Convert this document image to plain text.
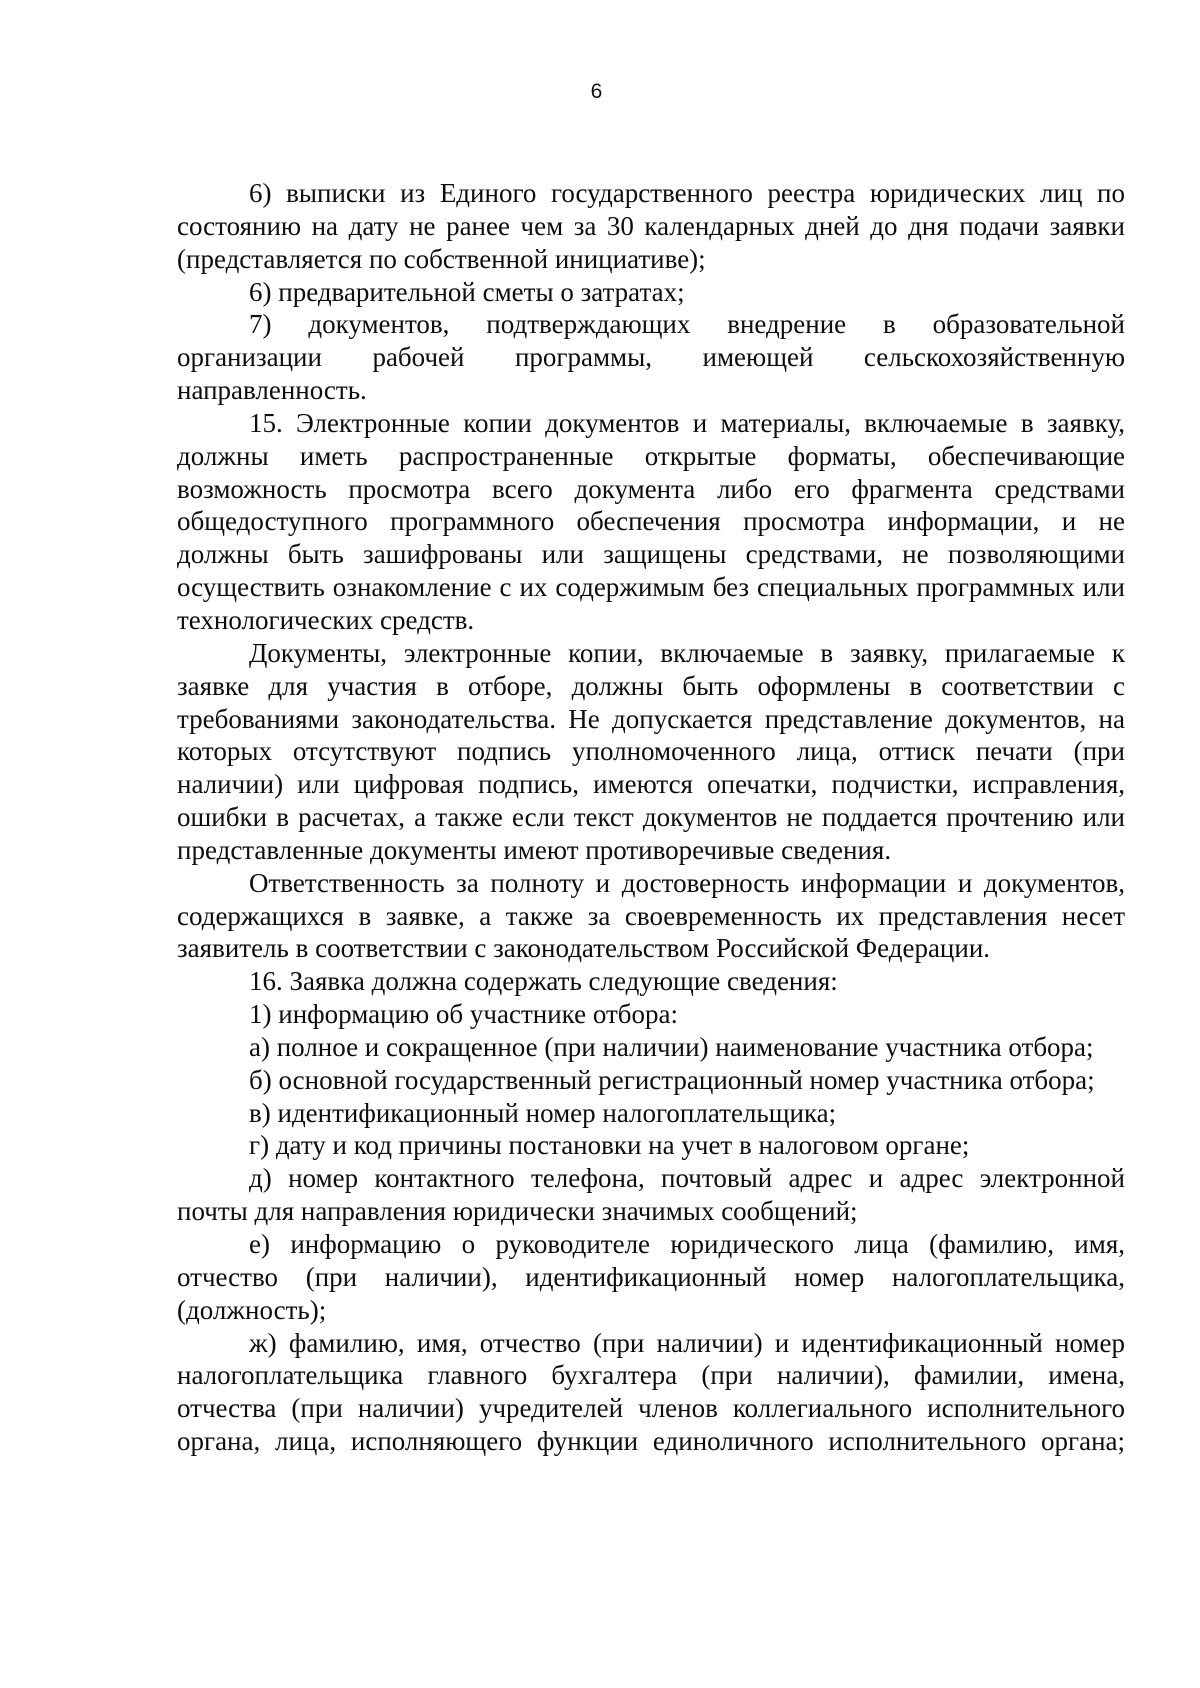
6

6) выписки из Единого государственного реестра юридических лиц по состоянию на дату не ранее чем за 30 календарных дней до дня подачи заявки (представляется по собственной инициативе);

6) предварительной сметы о затратах;

7) документов, подтверждающих внедрение в образовательной организации рабочей программы, имеющей сельскохозяйственную направленность.

15. Электронные копии документов и материалы, включаемые в заявку, должны иметь распространенные открытые форматы, обеспечивающие возможность просмотра всего документа либо его фрагмента средствами общедоступного программного обеспечения просмотра информации, и не должны быть зашифрованы или защищены средствами, не позволяющими осуществить ознакомление с их содержимым без специальных программных или технологических средств.

Документы, электронные копии, включаемые в заявку, прилагаемые к заявке для участия в отборе, должны быть оформлены в соответствии с требованиями законодательства. Не допускается представление документов, на которых отсутствуют подпись уполномоченного лица, оттиск печати (при наличии) или цифровая подпись, имеются опечатки, подчистки, исправления, ошибки в расчетах, а также если текст документов не поддается прочтению или представленные документы имеют противоречивые сведения.

Ответственность за полноту и достоверность информации и документов, содержащихся в заявке, а также за своевременность их представления несет заявитель в соответствии с законодательством Российской Федерации.

16. Заявка должна содержать следующие сведения:

1) информацию об участнике отбора:

а) полное и сокращенное (при наличии) наименование участника отбора;

б) основной государственный регистрационный номер участника отбора;

в) идентификационный номер налогоплательщика;

г) дату и код причины постановки на учет в налоговом органе;

д) номер контактного телефона, почтовый адрес и адрес электронной почты для направления юридически значимых сообщений;

е) информацию о руководителе юридического лица (фамилию, имя, отчество (при наличии), идентификационный номер налогоплательщика, (должность);

ж) фамилию, имя, отчество (при наличии) и идентификационный номер налогоплательщика главного бухгалтера (при наличии), фамилии, имена, отчества (при наличии) учредителей членов коллегиального исполнительного органа, лица, исполняющего функции единоличного исполнительного органа;
